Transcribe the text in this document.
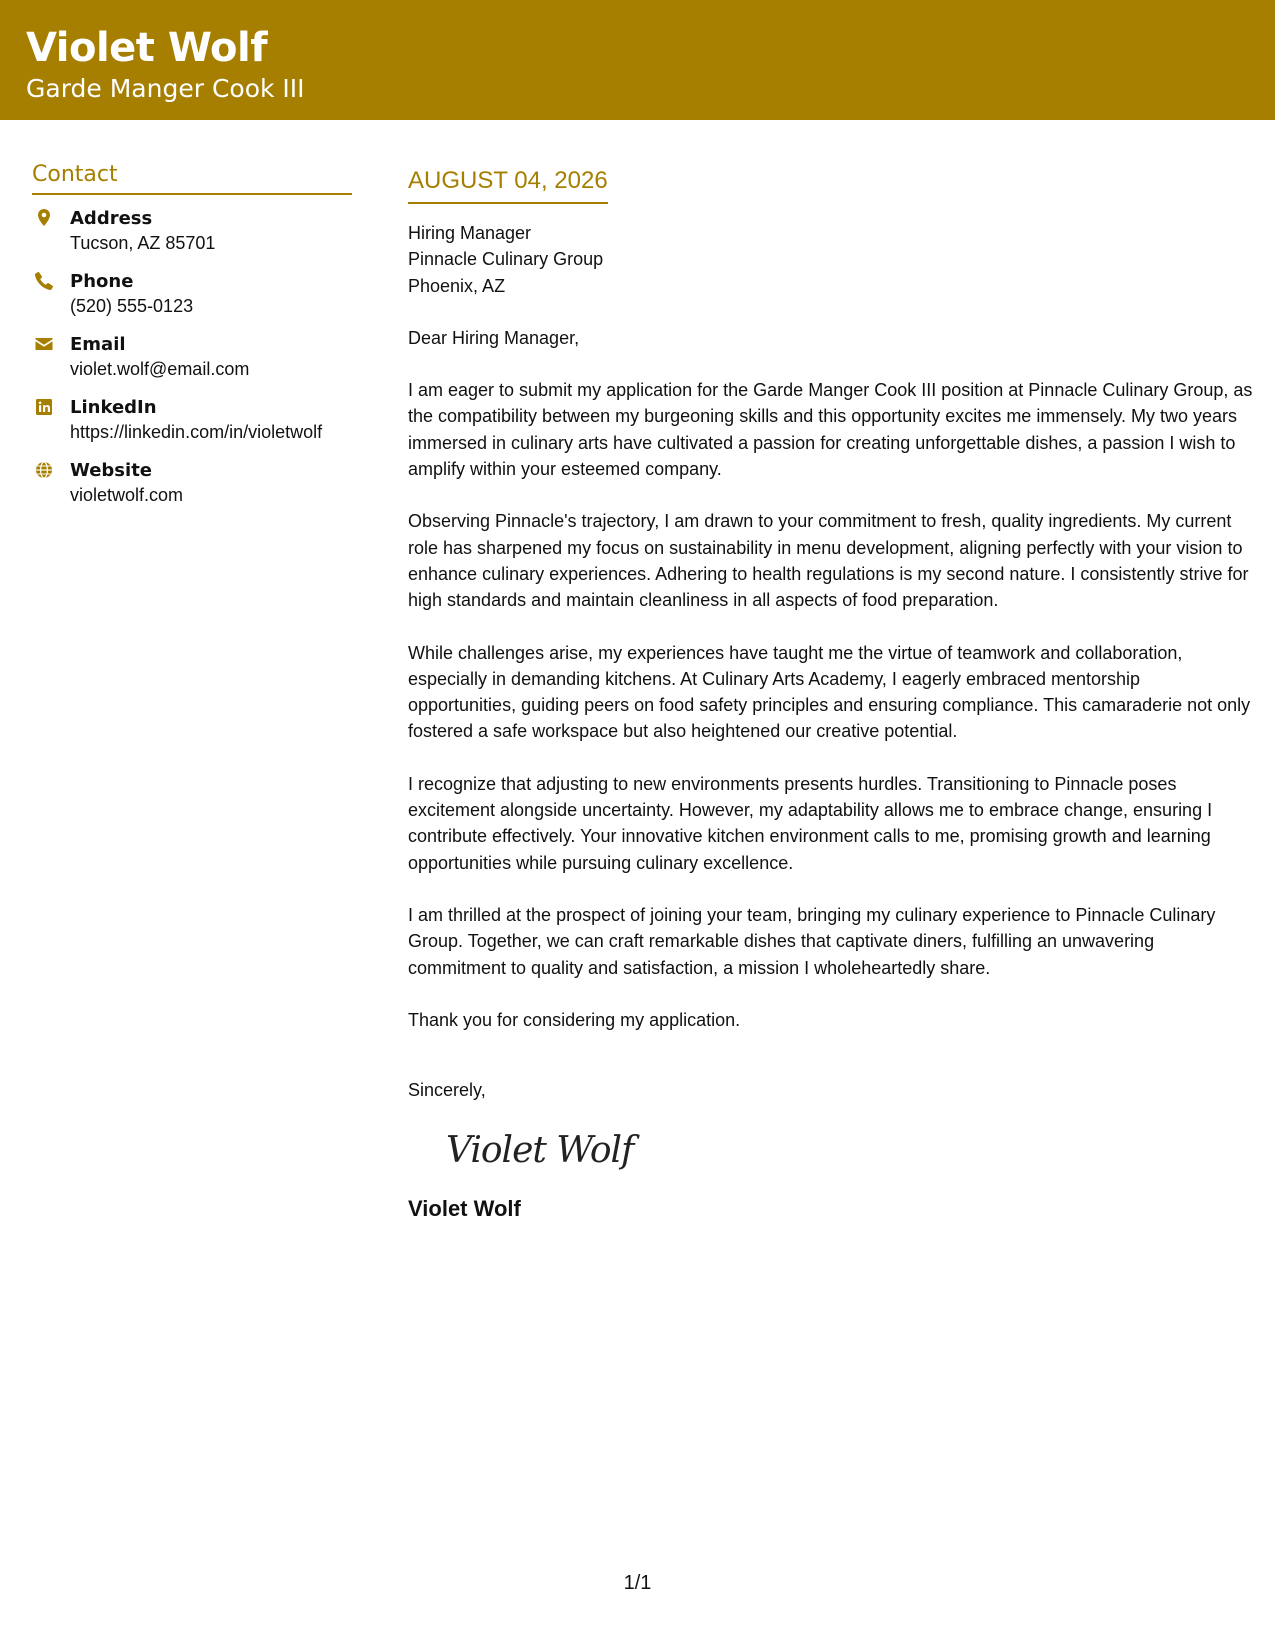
Violet Wolf
Garde Manger Cook III
Contact
Address
Tucson, AZ 85701
Phone
(520) 555-0123
Email
violet.wolf@email.com
LinkedIn
https://linkedin.com/in/violetwolf
Website
violetwolf.com
AUGUST 04, 2026
Hiring Manager
Pinnacle Culinary Group
Phoenix, AZ
Dear Hiring Manager,
I am eager to submit my application for the Garde Manger Cook III position at Pinnacle Culinary Group, as the compatibility between my burgeoning skills and this opportunity excites me immensely. My two years immersed in culinary arts have cultivated a passion for creating unforgettable dishes, a passion I wish to amplify within your esteemed company.
Observing Pinnacle's trajectory, I am drawn to your commitment to fresh, quality ingredients. My current role has sharpened my focus on sustainability in menu development, aligning perfectly with your vision to enhance culinary experiences. Adhering to health regulations is my second nature. I consistently strive for high standards and maintain cleanliness in all aspects of food preparation.
While challenges arise, my experiences have taught me the virtue of teamwork and collaboration, especially in demanding kitchens. At Culinary Arts Academy, I eagerly embraced mentorship opportunities, guiding peers on food safety principles and ensuring compliance. This camaraderie not only fostered a safe workspace but also heightened our creative potential.
I recognize that adjusting to new environments presents hurdles. Transitioning to Pinnacle poses excitement alongside uncertainty. However, my adaptability allows me to embrace change, ensuring I contribute effectively. Your innovative kitchen environment calls to me, promising growth and learning opportunities while pursuing culinary excellence.
I am thrilled at the prospect of joining your team, bringing my culinary experience to Pinnacle Culinary Group. Together, we can craft remarkable dishes that captivate diners, fulfilling an unwavering commitment to quality and satisfaction, a mission I wholeheartedly share.
Thank you for considering my application.
Sincerely,
Violet Wolf
Violet Wolf
1/1
